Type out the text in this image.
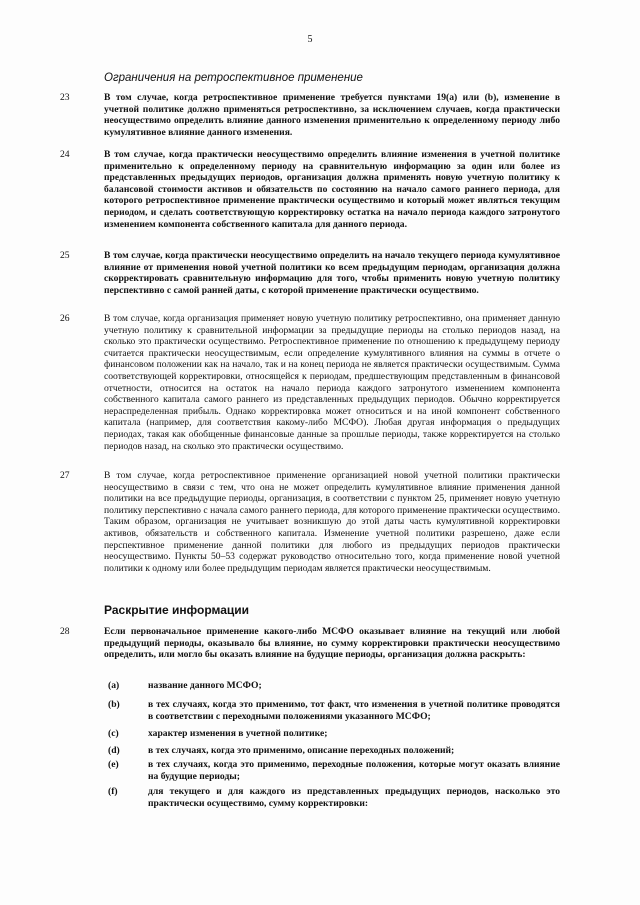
5
Ограничения на ретроспективное применение
23	В том случае, когда ретроспективное применение требуется пунктами 19(a) или (b), изменение в учетной политике должно применяться ретроспективно, за исключением случаев, когда практически неосуществимо определить влияние данного изменения применительно к определенному периоду либо кумулятивное влияние данного изменения.
24	В том случае, когда практически неосуществимо определить влияние изменения в учетной политике применительно к определенному периоду на сравнительную информацию за один или более из представленных предыдущих периодов, организация должна применять новую учетную политику к балансовой стоимости активов и обязательств по состоянию на начало самого раннего периода, для которого ретроспективное применение практически осуществимо и который может являться текущим периодом, и сделать соответствующую корректировку остатка на начало периода каждого затронутого изменением компонента собственного капитала для данного периода.
25	В том случае, когда практически неосуществимо определить на начало текущего периода кумулятивное влияние от применения новой учетной политики ко всем предыдущим периодам, организация должна скорректировать сравнительную информацию для того, чтобы применить новую учетную политику перспективно с самой ранней даты, с которой применение практически осуществимо.
26	В том случае, когда организация применяет новую учетную политику ретроспективно, она применяет данную учетную политику к сравнительной информации за предыдущие периоды на столько периодов назад, на сколько это практически осуществимо. Ретроспективное применение по отношению к предыдущему периоду считается практически неосуществимым, если определение кумулятивного влияния на суммы в отчете о финансовом положении как на начало, так и на конец периода не является практически осуществимым. Сумма соответствующей корректировки, относящейся к периодам, предшествующим представленным в финансовой отчетности, относится на остаток на начало периода каждого затронутого изменением компонента собственного капитала самого раннего из представленных предыдущих периодов. Обычно корректируется нераспределенная прибыль. Однако корректировка может относиться и на иной компонент собственного капитала (например, для соответствия какому-либо МСФО). Любая другая информация о предыдущих периодах, такая как обобщенные финансовые данные за прошлые периоды, также корректируется на столько периодов назад, на сколько это практически осуществимо.
27	В том случае, когда ретроспективное применение организацией новой учетной политики практически неосуществимо в связи с тем, что она не может определить кумулятивное влияние применения данной политики на все предыдущие периоды, организация, в соответствии с пунктом 25, применяет новую учетную политику перспективно с начала самого раннего периода, для которого применение практически осуществимо. Таким образом, организация не учитывает возникшую до этой даты часть кумулятивной корректировки активов, обязательств и собственного капитала. Изменение учетной политики разрешено, даже если перспективное применение данной политики для любого из предыдущих периодов практически неосуществимо. Пункты 50–53 содержат руководство относительно того, когда применение новой учетной политики к одному или более предыдущим периодам является практически неосуществимым.
Раскрытие информации
28	Если первоначальное применение какого-либо МСФО оказывает влияние на текущий или любой предыдущий периоды, оказывало бы влияние, но сумму корректировки практически неосуществимо определить, или могло бы оказать влияние на будущие периоды, организация должна раскрыть:
(a)	название данного МСФО;
(b)	в тех случаях, когда это применимо, тот факт, что изменения в учетной политике проводятся в соответствии с переходными положениями указанного МСФО;
(c)	характер изменения в учетной политике;
(d)	в тех случаях, когда это применимо, описание переходных положений;
(e)	в тех случаях, когда это применимо, переходные положения, которые могут оказать влияние на будущие периоды;
(f)	для текущего и для каждого из представленных предыдущих периодов, насколько это практически осуществимо, сумму корректировки:
